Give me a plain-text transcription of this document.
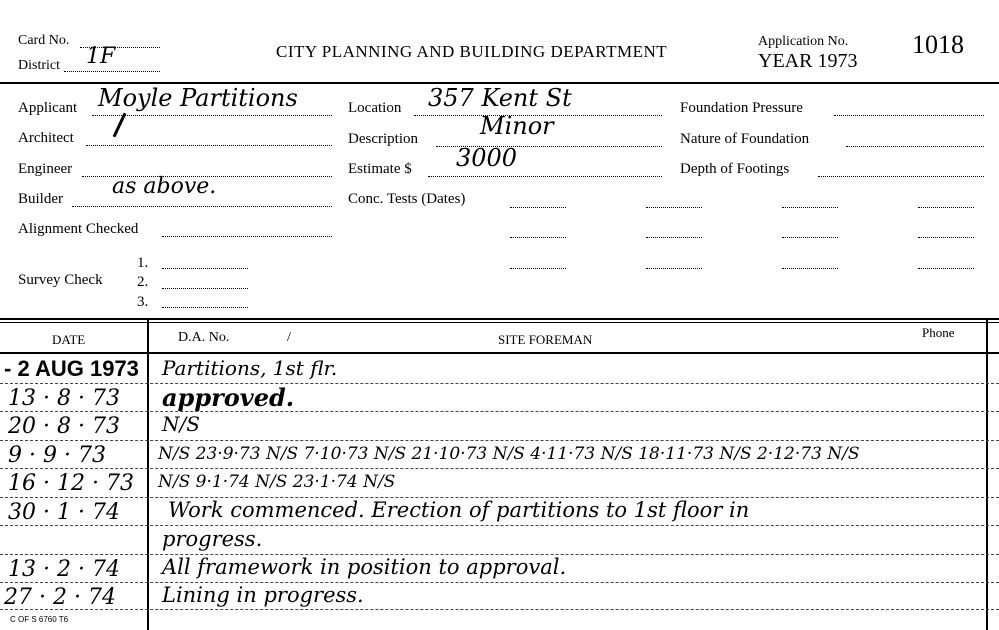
Card No.
District 1F	CITY PLANNING AND BUILDING DEPARTMENT
Application No.
YEAR 1973
1018
Applicant Moyle Partitions
Architect
Engineer
Builder as above.
Alignment Checked
Survey Check
1.
2.
3.
Location 357 Kent St
Description	Minor
Estimate $ 3000
Conc. Tests (Dates)
Foundation Pressure
Nature of Foundation
Depth of Footings
DATE	D.A. No.	/	SITE FOREMAN	Phone
- 2 AUG 1973 Partitions, 1st flr.
13 · 8 · 73 approved.
20 · 8 · 73 N/S
9 · 9 · 73	N/S 23·9·73 N/S 7·10·73 N/S 21·10·73 N/S 4·11·73 N/S 18·11·73 N/S 2·12·73 N/S
16 · 12 · 73 N/S 9·1·74 N/S 23·1·74 N/S
30 · 1 · 74 Work commenced. Erection of partitions to 1st floor in
progress.
13 · 2 · 74 All framework in position to approval.
27 · 2 · 74 Lining in progress.
C OF S 6760 T6
